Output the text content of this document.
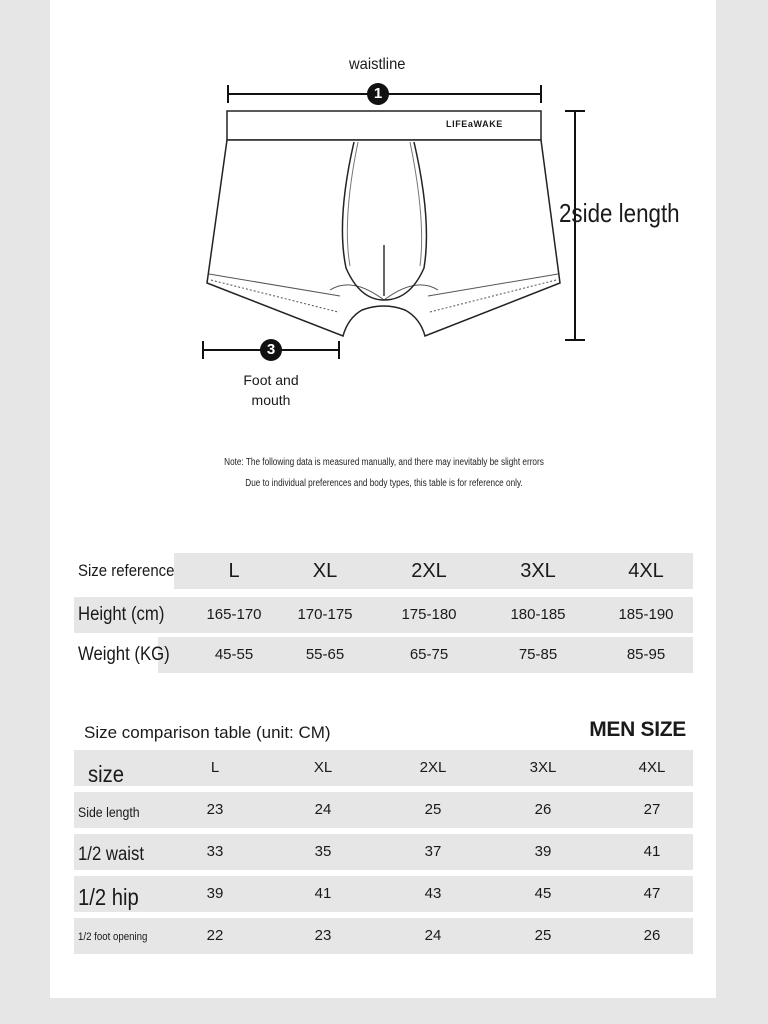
LIFEaWAKE
waistline
1
2side length
3
Foot and mouth
Note: The following data is measured manually, and there may inevitably be slight errors
Due to individual preferences and body types, this table is for reference only.
Size reference	L	XL	2XL	3XL	4XL
Height (cm)	165-170	170-175	175-180	180-185	185-190
Weight (KG)	45-55	55-65	65-75	75-85	85-95
Size comparison table (unit: CM)	MEN SIZE
size	L	XL	2XL	3XL	4XL
Side length	23	24	25	26	27
1/2 waist	33	35	37	39	41
1/2 hip	39	41	43	45	47
1/2 foot opening	22	23	24	25	26
